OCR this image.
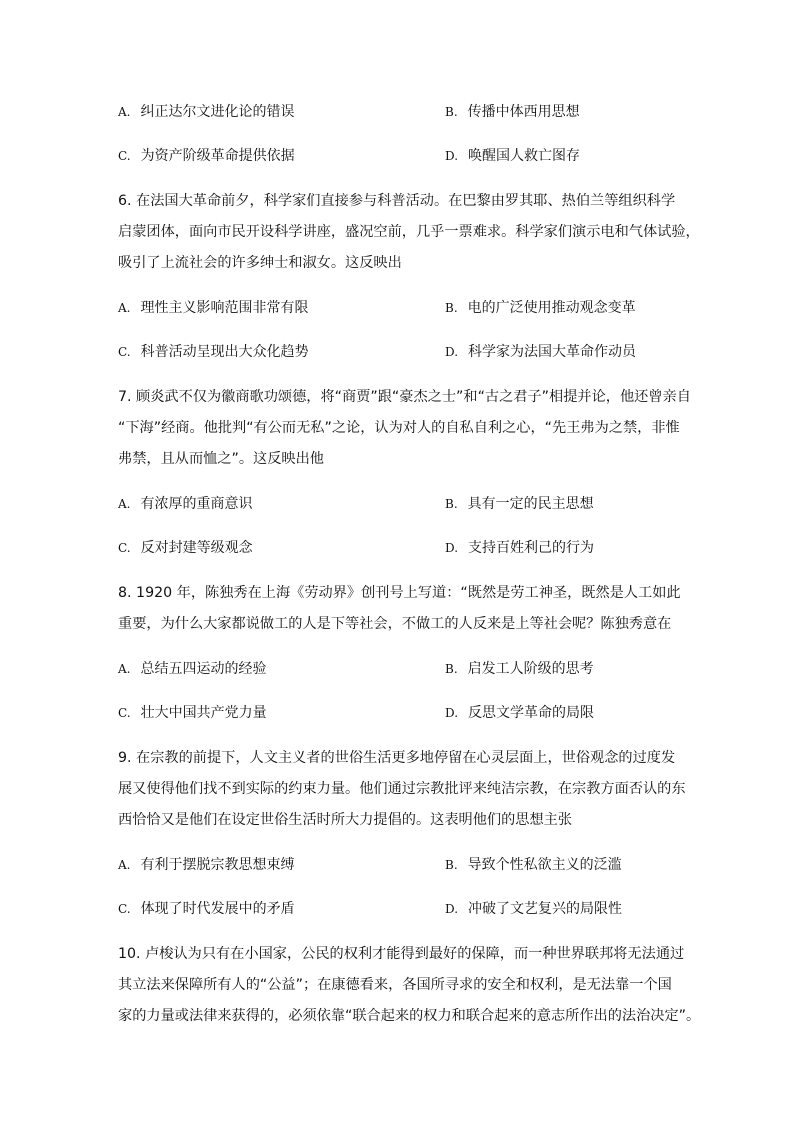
A. 纠正达尔文进化论的错误	B. 传播中体西用思想
C. 为资产阶级革命提供依据	D. 唤醒国人救亡图存

6. 在法国大革命前夕，科学家们直接参与科普活动。在巴黎由罗其耶、热伯兰等组织科学

启蒙团体，面向市民开设科学讲座，盛况空前，几乎一票难求。科学家们演示电和气体试验，

吸引了上流社会的许多绅士和淑女。这反映出

A. 理性主义影响范围非常有限	B. 电的广泛使用推动观念变革
C. 科普活动呈现出大众化趋势	D. 科学家为法国大革命作动员

7. 顾炎武不仅为徽商歌功颂德，将“商贾”跟“豪杰之士”和“古之君子”相提并论，他还曾亲自

“下海”经商。他批判“有公而无私”之论，认为对人的自私自利之心，“先王弗为之禁，非惟

弗禁，且从而恤之”。这反映出他

A. 有浓厚的重商意识	B. 具有一定的民主思想
C. 反对封建等级观念	D. 支持百姓利己的行为

8. 1920 年，陈独秀在上海《劳动界》创刊号上写道：“既然是劳工神圣，既然是人工如此

重要，为什么大家都说做工的人是下等社会，不做工的人反来是上等社会呢？陈独秀意在

A. 总结五四运动的经验	B. 启发工人阶级的思考
C. 壮大中国共产党力量	D. 反思文学革命的局限

9. 在宗教的前提下，人文主义者的世俗生活更多地停留在心灵层面上，世俗观念的过度发

展又使得他们找不到实际的约束力量。他们通过宗教批评来纯洁宗教，在宗教方面否认的东

西恰恰又是他们在设定世俗生活时所大力提倡的。这表明他们的思想主张

A. 有利于摆脱宗教思想束缚	B. 导致个性私欲主义的泛滥
C. 体现了时代发展中的矛盾	D. 冲破了文艺复兴的局限性

10. 卢梭认为只有在小国家，公民的权利才能得到最好的保障，而一种世界联邦将无法通过

其立法来保障所有人的“公益”；在康德看来，各国所寻求的安全和权利，是无法靠一个国

家的力量或法律来获得的，必须依靠“联合起来的权力和联合起来的意志所作出的法治决定”。
